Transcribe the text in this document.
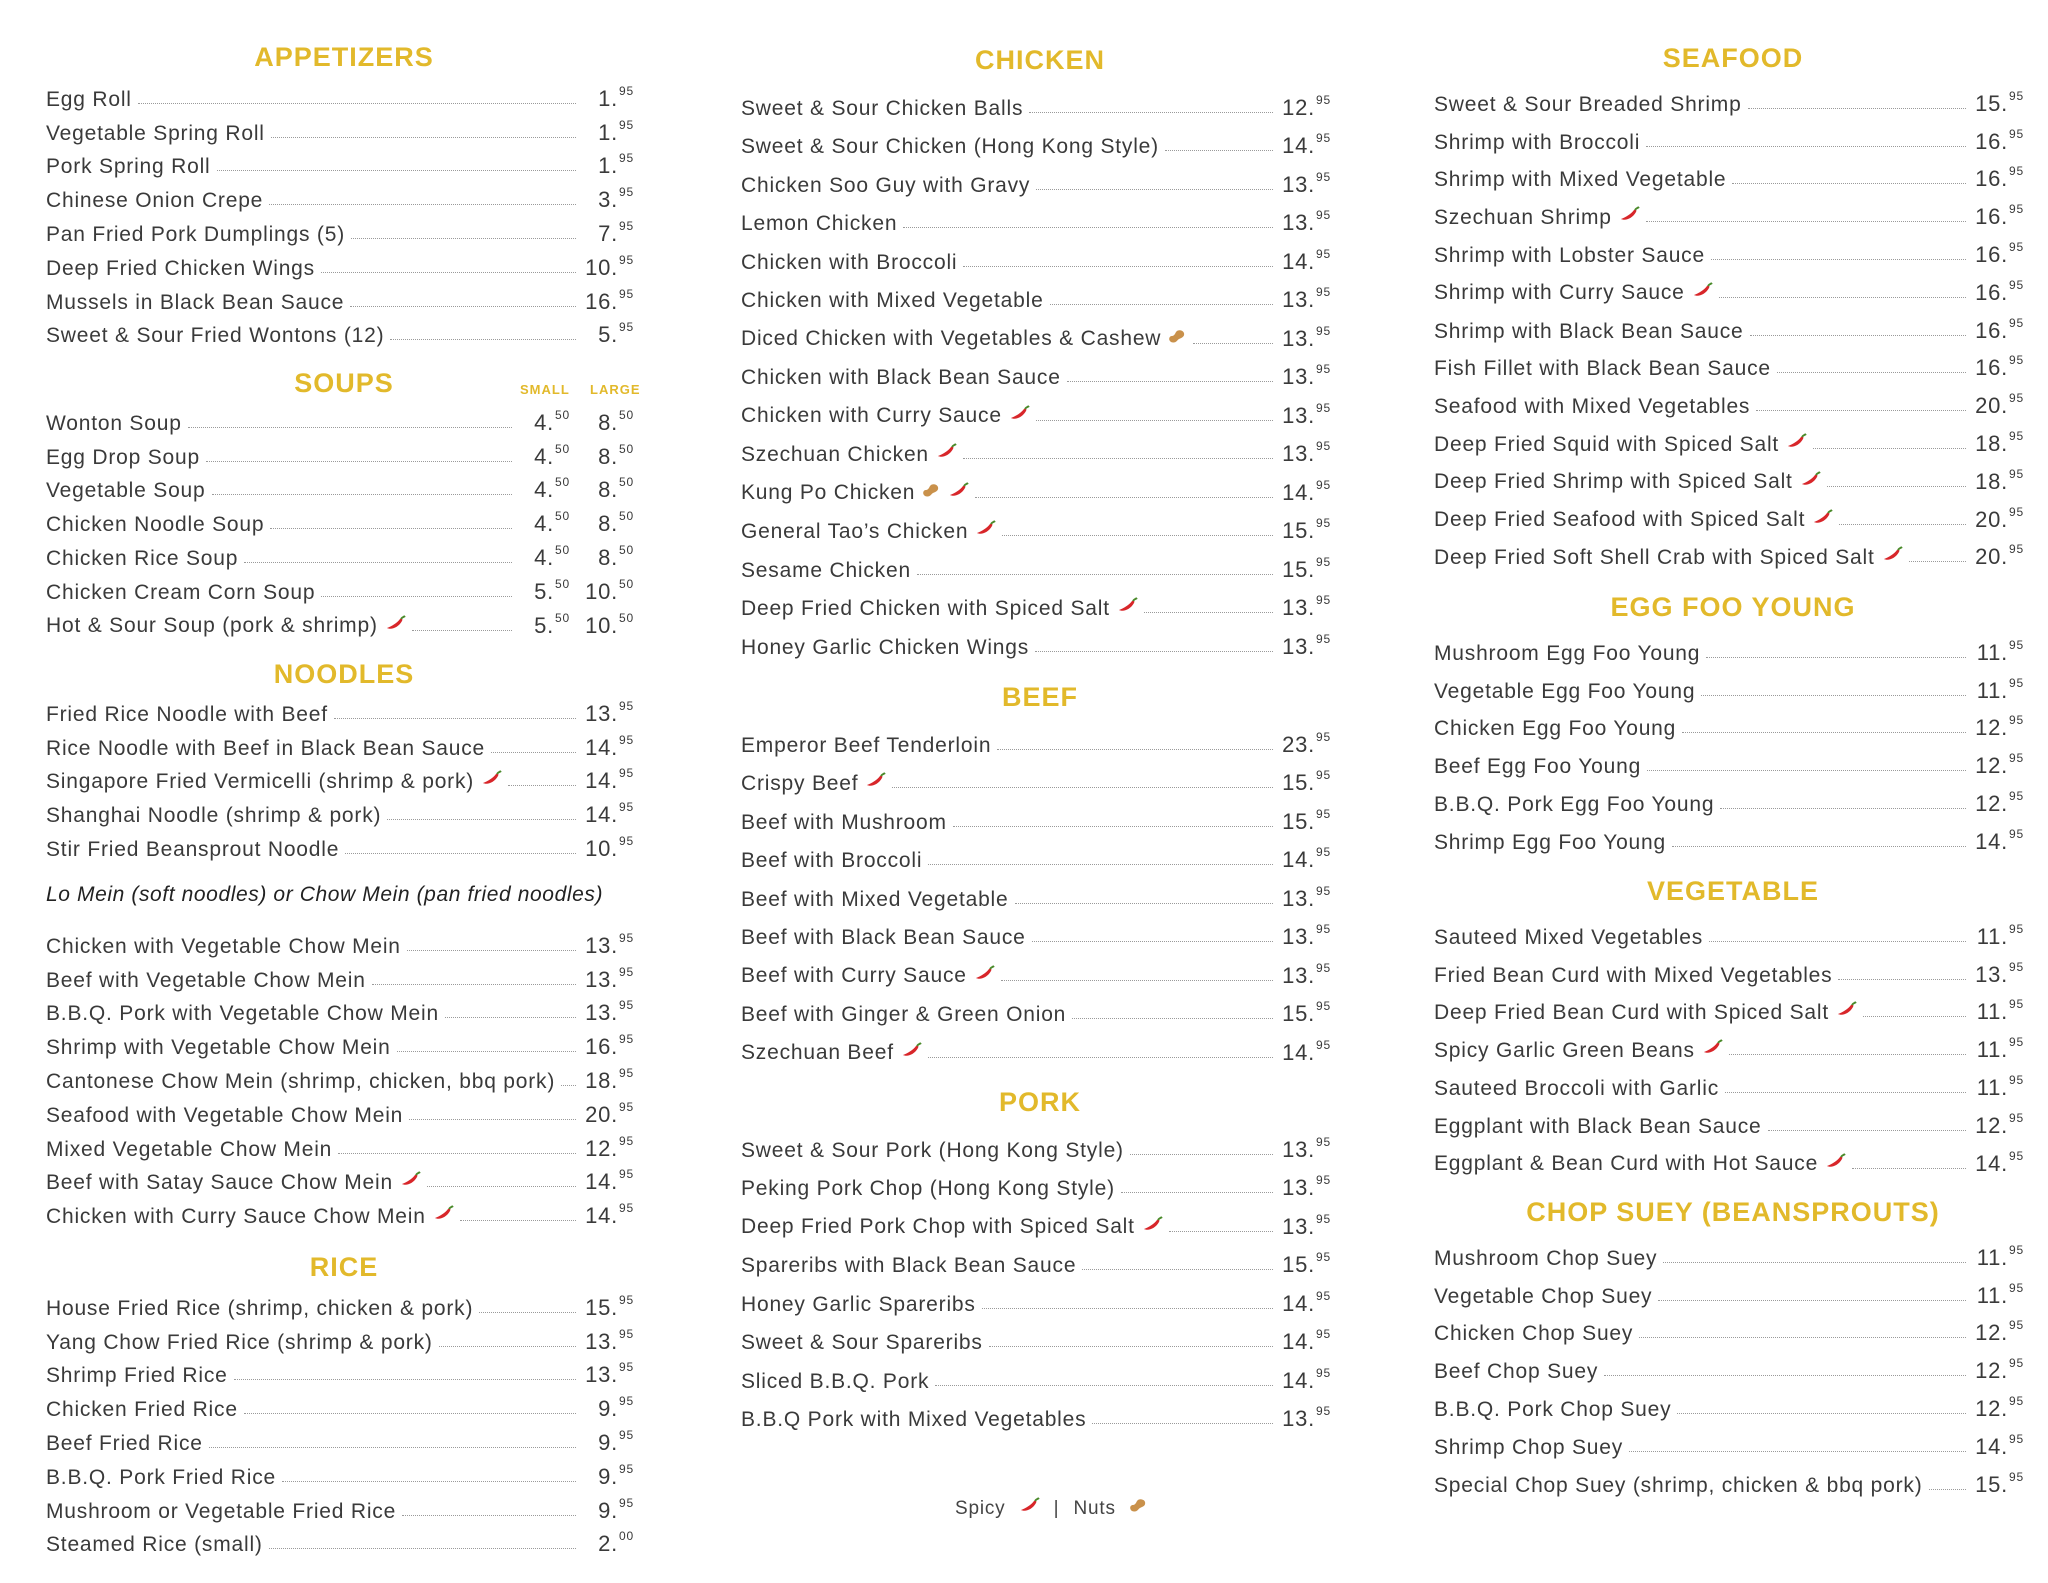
APPETIZERS
Egg Roll	1.95
Vegetable Spring Roll	1.95
Pork Spring Roll	1.95
Chinese Onion Crepe	3.95
Pan Fried Pork Dumplings (5)	7.95
Deep Fried Chicken Wings	10.95
Mussels in Black Bean Sauce	16.95
Sweet & Sour Fried Wontons (12)	5.95
SOUPS	SMALL LARGE
Wonton Soup	4.50	8.50
Egg Drop Soup	4.50	8.50
Vegetable Soup	4.50	8.50
Chicken Noodle Soup	4.50	8.50
Chicken Rice Soup	4.50	8.50
Chicken Cream Corn Soup	5.50 10.50
Hot & Sour Soup (pork & shrimp)	5.50 10.50
NOODLES
Fried Rice Noodle with Beef	13.95
Rice Noodle with Beef in Black Bean Sauce	14.95
Singapore Fried Vermicelli (shrimp & pork)	14.95
Shanghai Noodle (shrimp & pork)	14.95
Stir Fried Beansprout Noodle	10.95
Lo Mein (soft noodles) or Chow Mein (pan fried noodles)
Chicken with Vegetable Chow Mein	13.95
Beef with Vegetable Chow Mein	13.95
B.B.Q. Pork with Vegetable Chow Mein	13.95
Shrimp with Vegetable Chow Mein	16.95
Cantonese Chow Mein (shrimp, chicken, bbq pork) 18.95
Seafood with Vegetable Chow Mein	20.95
Mixed Vegetable Chow Mein	12.95
Beef with Satay Sauce Chow Mein	14.95
Chicken with Curry Sauce Chow Mein	14.95
RICE
House Fried Rice (shrimp, chicken & pork)	15.95
Yang Chow Fried Rice (shrimp & pork)	13.95
Shrimp Fried Rice	13.95
Chicken Fried Rice	9.95
Beef Fried Rice	9.95
B.B.Q. Pork Fried Rice	9.95
Mushroom or Vegetable Fried Rice	9.95
Steamed Rice (small)	2.00
CHICKEN
Sweet & Sour Chicken Balls	12.95
Sweet & Sour Chicken (Hong Kong Style)	14.95
Chicken Soo Guy with Gravy	13.95
Lemon Chicken	13.95
Chicken with Broccoli	14.95
Chicken with Mixed Vegetable	13.95
Diced Chicken with Vegetables & Cashew	13.95
Chicken with Black Bean Sauce	13.95
Chicken with Curry Sauce	13.95
Szechuan Chicken	13.95
Kung Po Chicken	14.95
General Tao’s Chicken	15.95
Sesame Chicken	15.95
Deep Fried Chicken with Spiced Salt	13.95
Honey Garlic Chicken Wings	13.95
BEEF
Emperor Beef Tenderloin	23.95
Crispy Beef	15.95
Beef with Mushroom	15.95
Beef with Broccoli	14.95
Beef with Mixed Vegetable	13.95
Beef with Black Bean Sauce	13.95
Beef with Curry Sauce	13.95
Beef with Ginger & Green Onion	15.95
Szechuan Beef	14.95
PORK
Sweet & Sour Pork (Hong Kong Style)	13.95
Peking Pork Chop (Hong Kong Style)	13.95
Deep Fried Pork Chop with Spiced Salt	13.95
Spareribs with Black Bean Sauce	15.95
Honey Garlic Spareribs	14.95
Sweet & Sour Spareribs	14.95
Sliced B.B.Q. Pork	14.95
B.B.Q Pork with Mixed Vegetables	13.95
Spicy	| Nuts
SEAFOOD
Sweet & Sour Breaded Shrimp	15.95
Shrimp with Broccoli	16.95
Shrimp with Mixed Vegetable	16.95
Szechuan Shrimp	16.95
Shrimp with Lobster Sauce	16.95
Shrimp with Curry Sauce	16.95
Shrimp with Black Bean Sauce	16.95
Fish Fillet with Black Bean Sauce	16.95
Seafood with Mixed Vegetables	20.95
Deep Fried Squid with Spiced Salt	18.95
Deep Fried Shrimp with Spiced Salt	18.95
Deep Fried Seafood with Spiced Salt	20.95
Deep Fried Soft Shell Crab with Spiced Salt	20.95
EGG FOO YOUNG
Mushroom Egg Foo Young	11.95
Vegetable Egg Foo Young	11.95
Chicken Egg Foo Young	12.95
Beef Egg Foo Young	12.95
B.B.Q. Pork Egg Foo Young	12.95
Shrimp Egg Foo Young	14.95
VEGETABLE
Sauteed Mixed Vegetables	11.95
Fried Bean Curd with Mixed Vegetables	13.95
Deep Fried Bean Curd with Spiced Salt	11.95
Spicy Garlic Green Beans	11.95
Sauteed Broccoli with Garlic	11.95
Eggplant with Black Bean Sauce	12.95
Eggplant & Bean Curd with Hot Sauce	14.95
CHOP SUEY (BEANSPROUTS)
Mushroom Chop Suey	11.95
Vegetable Chop Suey	11.95
Chicken Chop Suey	12.95
Beef Chop Suey	12.95
B.B.Q. Pork Chop Suey	12.95
Shrimp Chop Suey	14.95
Special Chop Suey (shrimp, chicken & bbq pork) 15.95
